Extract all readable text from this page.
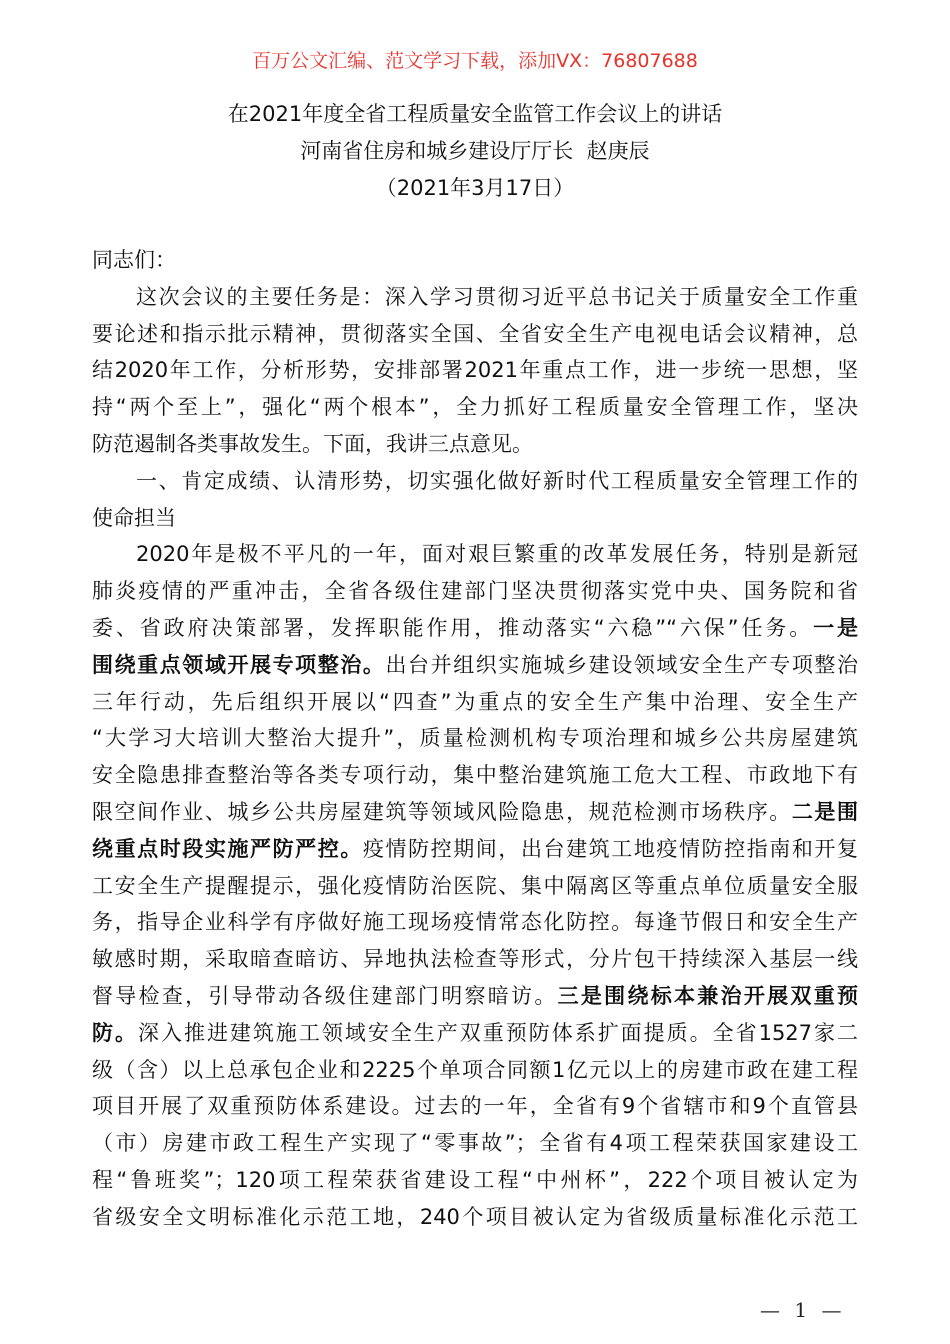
百万公文汇编、范文学习下载，添加VX：76807688
在2021年度全省工程质量安全监管工作会议上的讲话
河南省住房和城乡建设厅厅长  赵庚辰
（2021年3月17日）
同志们：
这次会议的主要任务是：深入学习贯彻习近平总书记关于质量安全工作重
要论述和指示批示精神，贯彻落实全国、全省安全生产电视电话会议精神，总
结2020年工作，分析形势，安排部署2021年重点工作，进一步统一思想，坚
持“两个至上”，强化“两个根本”，全力抓好工程质量安全管理工作，坚决
防范遏制各类事故发生。下面，我讲三点意见。
一、肯定成绩、认清形势，切实强化做好新时代工程质量安全管理工作的
使命担当
2020年是极不平凡的一年，面对艰巨繁重的改革发展任务，特别是新冠
肺炎疫情的严重冲击，全省各级住建部门坚决贯彻落实党中央、国务院和省
委、省政府决策部署，发挥职能作用，推动落实“六稳”“六保”任务。一是
围绕重点领域开展专项整治。出台并组织实施城乡建设领域安全生产专项整治
三年行动，先后组织开展以“四查”为重点的安全生产集中治理、安全生产
“大学习大培训大整治大提升”，质量检测机构专项治理和城乡公共房屋建筑
安全隐患排查整治等各类专项行动，集中整治建筑施工危大工程、市政地下有
限空间作业、城乡公共房屋建筑等领域风险隐患，规范检测市场秩序。二是围
绕重点时段实施严防严控。疫情防控期间，出台建筑工地疫情防控指南和开复
工安全生产提醒提示，强化疫情防治医院、集中隔离区等重点单位质量安全服
务，指导企业科学有序做好施工现场疫情常态化防控。每逢节假日和安全生产
敏感时期，采取暗查暗访、异地执法检查等形式，分片包干持续深入基层一线
督导检查，引导带动各级住建部门明察暗访。三是围绕标本兼治开展双重预
防。深入推进建筑施工领域安全生产双重预防体系扩面提质。全省1527家二
级（含）以上总承包企业和2225个单项合同额1亿元以上的房建市政在建工程
项目开展了双重预防体系建设。过去的一年，全省有9个省辖市和9个直管县
（市）房建市政工程生产实现了“零事故”；全省有4项工程荣获国家建设工
程“鲁班奖”；120项工程荣获省建设工程“中州杯”，222个项目被认定为
省级安全文明标准化示范工地，240个项目被认定为省级质量标准化示范工
— 1 —
